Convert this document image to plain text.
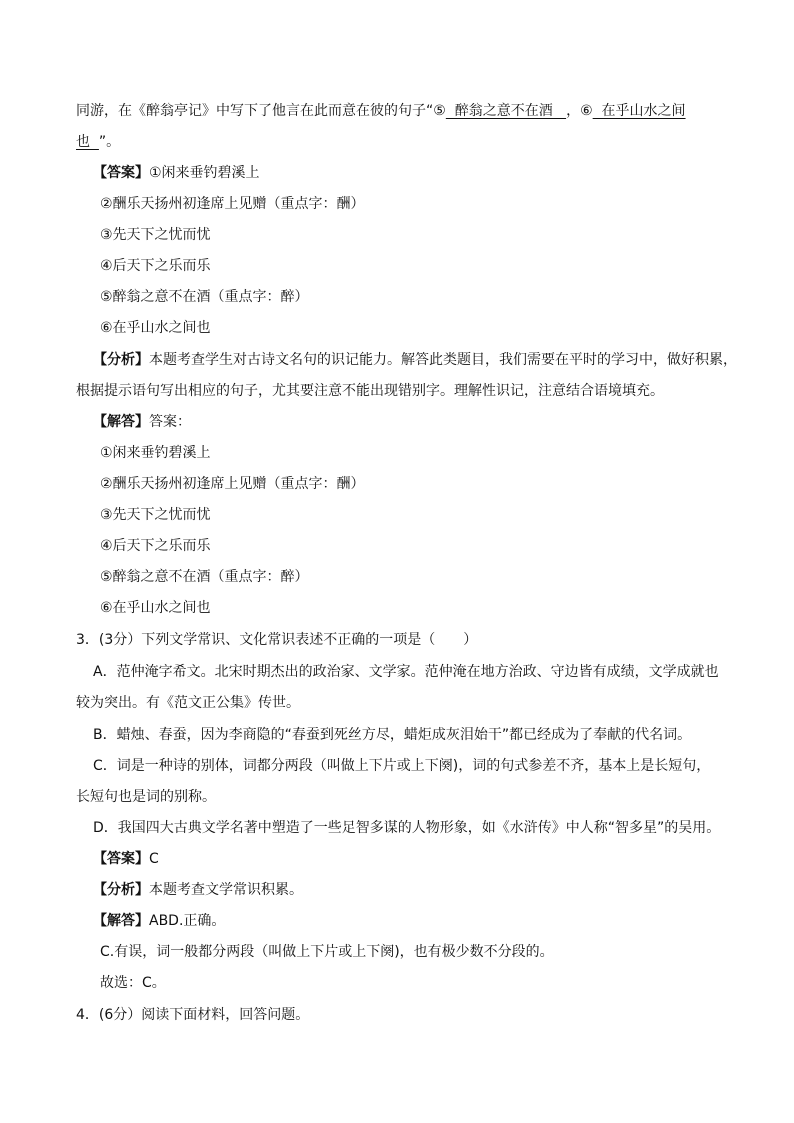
同游，在《醉翁亭记》中写下了他言在此而意在彼的句子“⑤  醉翁之意不在酒   ，⑥  在乎山水之间
也  ”。
【答案】①闲来垂钓碧溪上
②酬乐天扬州初逢席上见赠（重点字：酬）
③先天下之忧而忧
④后天下之乐而乐
⑤醉翁之意不在酒（重点字：醉）
⑥在乎山水之间也
【分析】本题考查学生对古诗文名句的识记能力。解答此类题目，我们需要在平时的学习中，做好积累，
根据提示语句写出相应的句子，尤其要注意不能出现错别字。理解性识记，注意结合语境填充。
【解答】答案：
①闲来垂钓碧溪上
②酬乐天扬州初逢席上见赠（重点字：酬）
③先天下之忧而忧
④后天下之乐而乐
⑤醉翁之意不在酒（重点字：醉）
⑥在乎山水之间也
3．(3分）下列文学常识、文化常识表述不正确的一项是（　　）
A．范仲淹字希文。北宋时期杰出的政治家、文学家。范仲淹在地方治政、守边皆有成绩，文学成就也
较为突出。有《范文正公集》传世。
B．蜡烛、春蚕，因为李商隐的“春蚕到死丝方尽，蜡炬成灰泪始干”都已经成为了奉献的代名词。
C．词是一种诗的别体，词都分两段（叫做上下片或上下阕)，词的句式参差不齐，基本上是长短句，
长短句也是词的别称。
D．我国四大古典文学名著中塑造了一些足智多谋的人物形象，如《水浒传》中人称“智多星”的吴用。
【答案】C
【分析】本题考查文学常识积累。
【解答】ABD.正确。
C.有误，词一般都分两段（叫做上下片或上下阕)，也有极少数不分段的。
故选：C。
4．(6分）阅读下面材料，回答问题。
